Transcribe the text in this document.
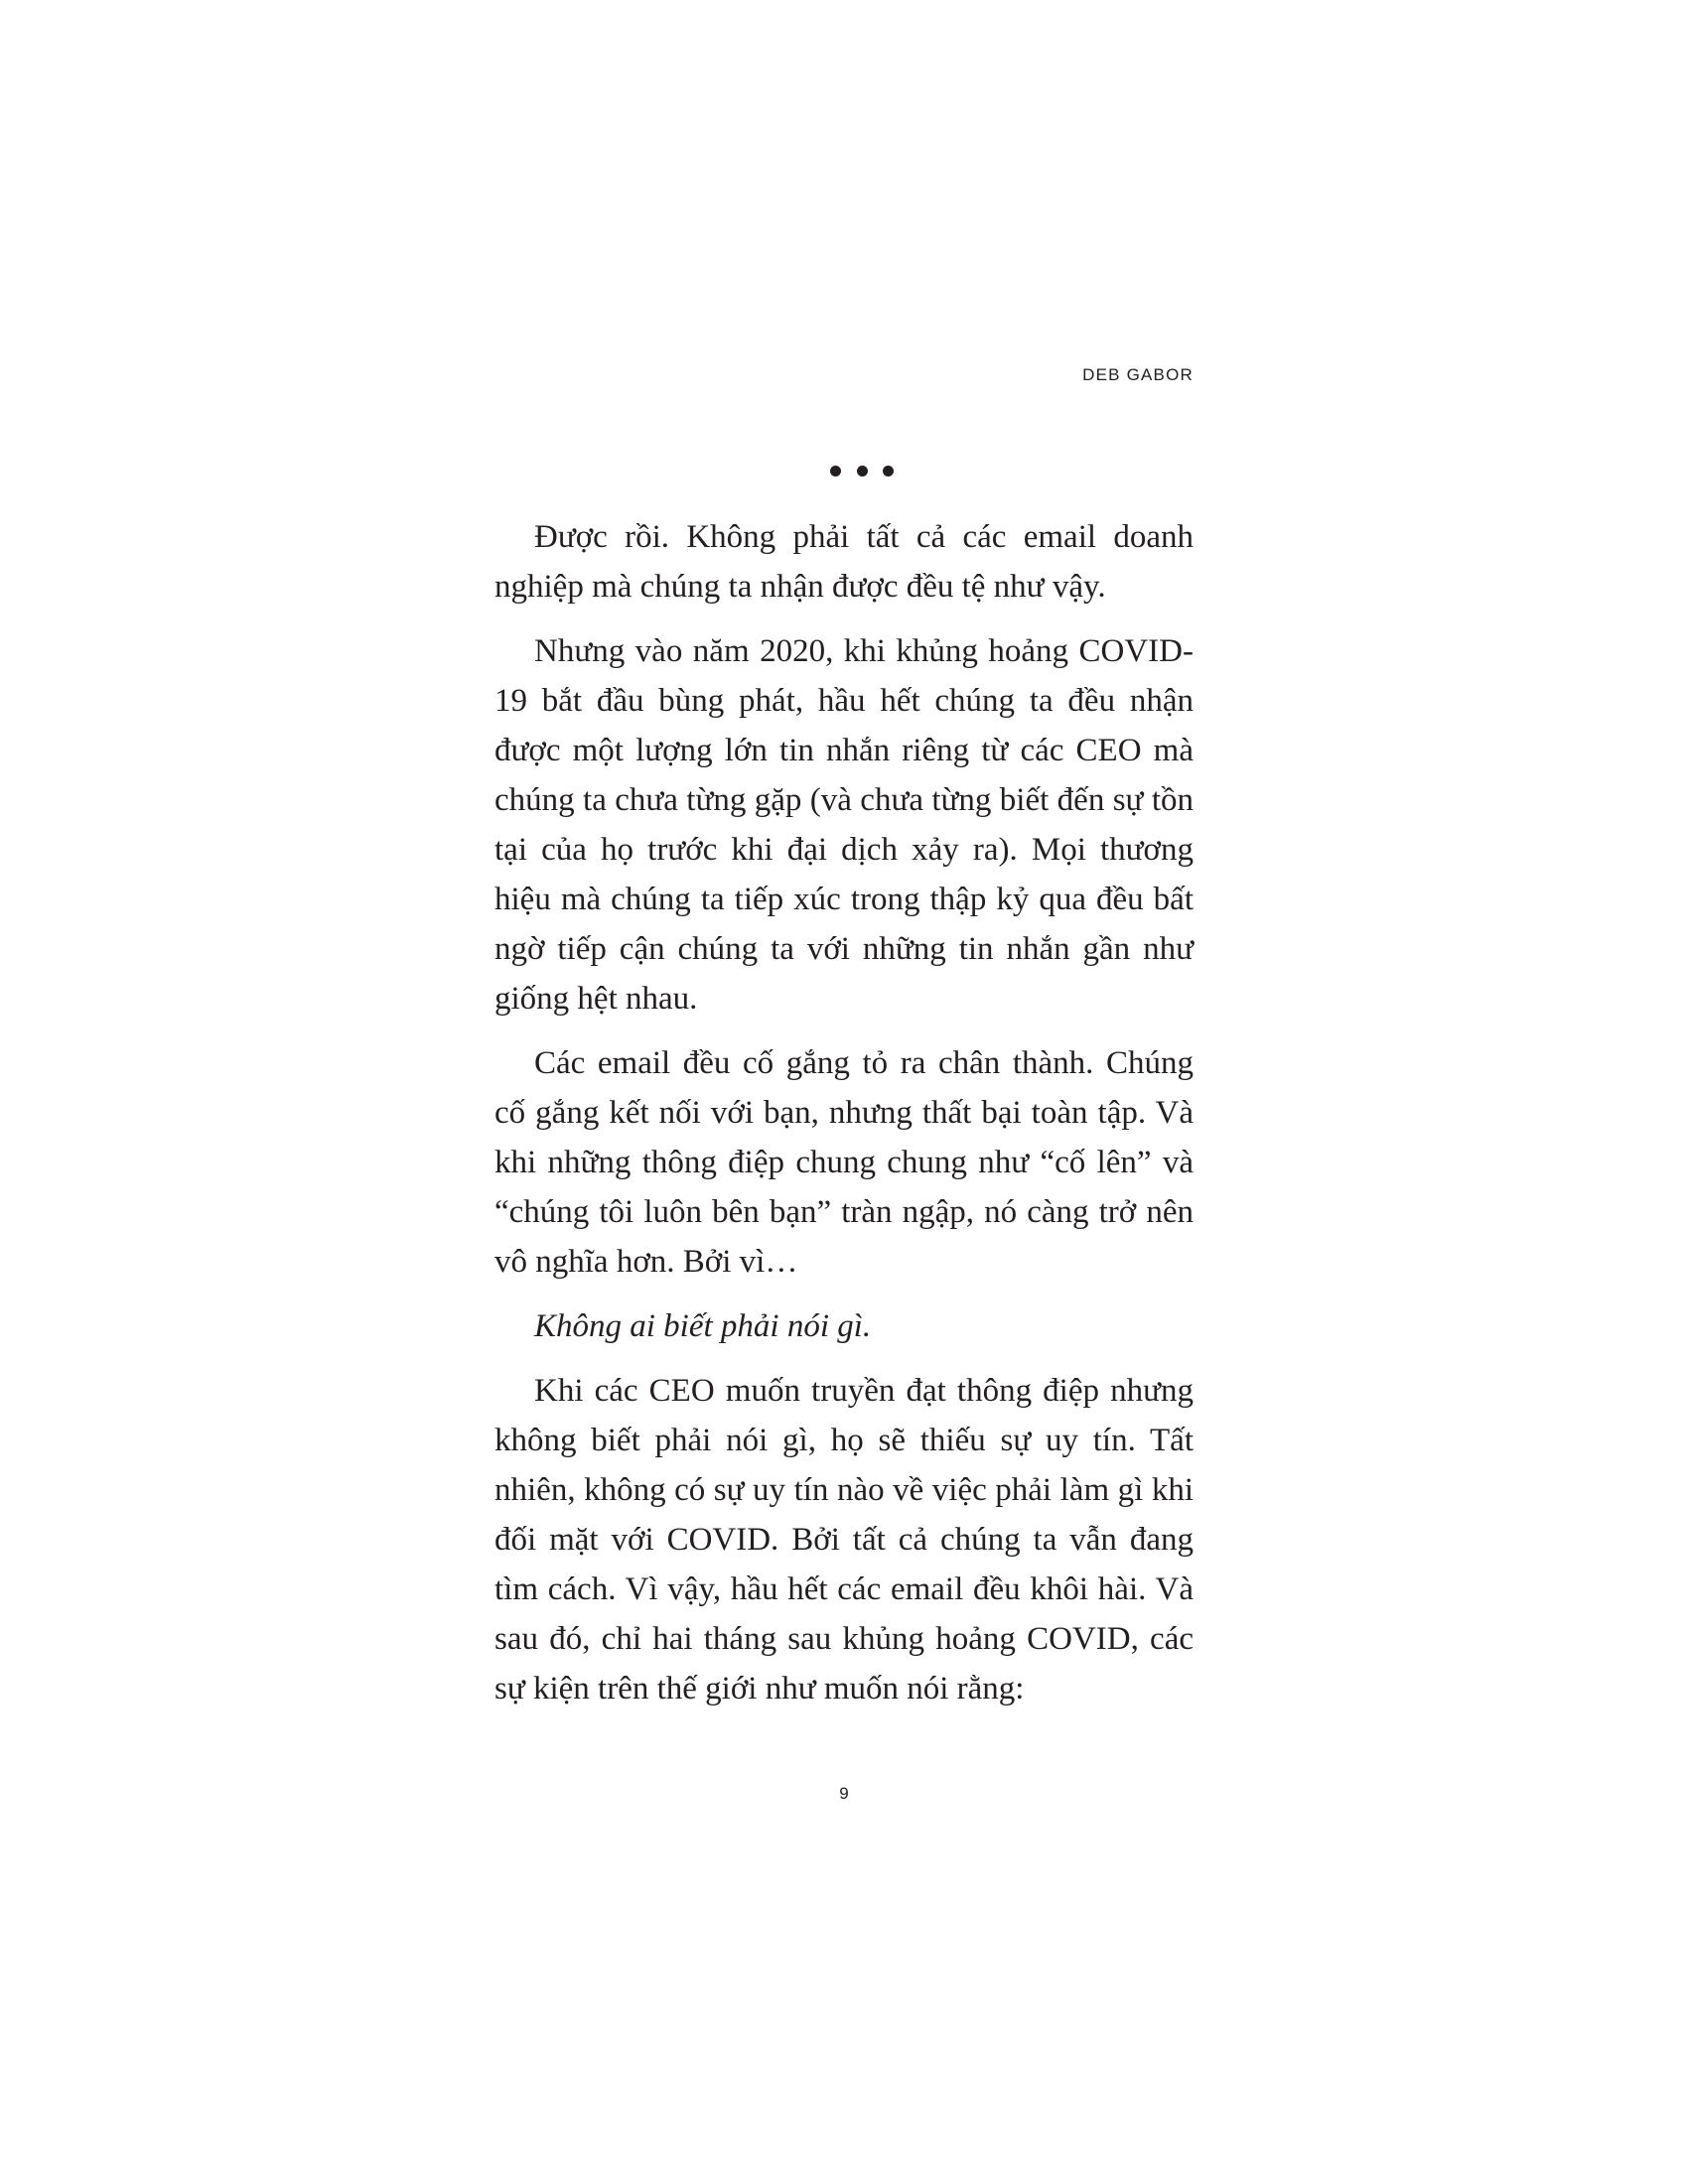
DEB GABOR

Được rồi. Không phải tất cả các email doanh nghiệp mà chúng ta nhận được đều tệ như vậy.

Nhưng vào năm 2020, khi khủng hoảng COVID-19 bắt đầu bùng phát, hầu hết chúng ta đều nhận được một lượng lớn tin nhắn riêng từ các CEO mà chúng ta chưa từng gặp (và chưa từng biết đến sự tồn tại của họ trước khi đại dịch xảy ra). Mọi thương hiệu mà chúng ta tiếp xúc trong thập kỷ qua đều bất ngờ tiếp cận chúng ta với những tin nhắn gần như giống hệt nhau.

Các email đều cố gắng tỏ ra chân thành. Chúng cố gắng kết nối với bạn, nhưng thất bại toàn tập. Và khi những thông điệp chung chung như “cố lên” và “chúng tôi luôn bên bạn” tràn ngập, nó càng trở nên vô nghĩa hơn. Bởi vì…

Không ai biết phải nói gì.

Khi các CEO muốn truyền đạt thông điệp nhưng không biết phải nói gì, họ sẽ thiếu sự uy tín. Tất nhiên, không có sự uy tín nào về việc phải làm gì khi đối mặt với COVID. Bởi tất cả chúng ta vẫn đang tìm cách. Vì vậy, hầu hết các email đều khôi hài. Và sau đó, chỉ hai tháng sau khủng hoảng COVID, các sự kiện trên thế giới như muốn nói rằng:

9
